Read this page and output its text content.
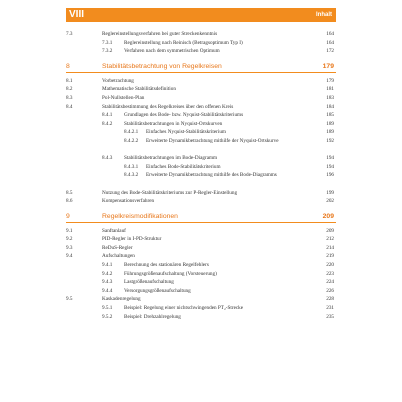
VIII	Inhalt
7.3	Reglereinstellungsverfahren bei guter Streckenkenntnis	164
7.3.1 Reglereinstellung nach Reinisch (Betragsoptimum Typ I)	164
7.3.2 Verfahren nach dem symmetrischen Optimum	172
8	Stabilitätsbetrachtung von Regelkreisen	179
8.1	Vorbetrachtung	179
8.2	Mathematische Stabilitätsdefinition	181
8.3	Pol-Nullstellen-Plan	183
8.4	Stabilitätsbestimmung des Regelkreises über den offenen Kreis	184
8.4.1 Grundlagen des Bode- bzw. Nyquist-Stabilitätskriteriums	185
8.4.2 Stabilitätsbetrachtungen in Nyquist-Ortskurven	189
8.4.2.1 Einfaches Nyquist-Stabilitätskriterium	189
8.4.2.2 Erweiterte Dynamikbetrachtung mithilfe der Nyquist-Ortskurve	192
8.4.3 Stabilitätsbetrachtungen im Bode-Diagramm	194
8.4.3.1 Einfaches Bode-Stabilitätskriterium	194
8.4.3.2 Erweiterte Dynamikbetrachtung mithilfe des Bode-Diagramms	196
8.5	Nutzung des Bode-Stabilitätskriteriums zur P-Regler-Einstellung	199
8.6	Kompensationsverfahren	202
9	Regelkreismodifikationen	209
9.1	Sanftanlauf	209
9.2	PID-Regler in I-PD-Struktur	212
9.3	ReDuS-Regler	214
9.4	Aufschaltungen	219
9.4.1 Berechnung des stationären Regelfehlers	220
9.4.2 Führungsgrößenaufschaltung (Vorsteuerung)	223
9.4.3 Lastgrößenaufschaltung	224
9.4.4 Versorgungsgrößenaufschaltung	226
9.5	Kaskadenregelung	228
9.5.1 Beispiel: Regelung einer nichtschwingenden PT₂-Strecke	231
9.5.2 Beispiel: Drehzahlregelung	235
